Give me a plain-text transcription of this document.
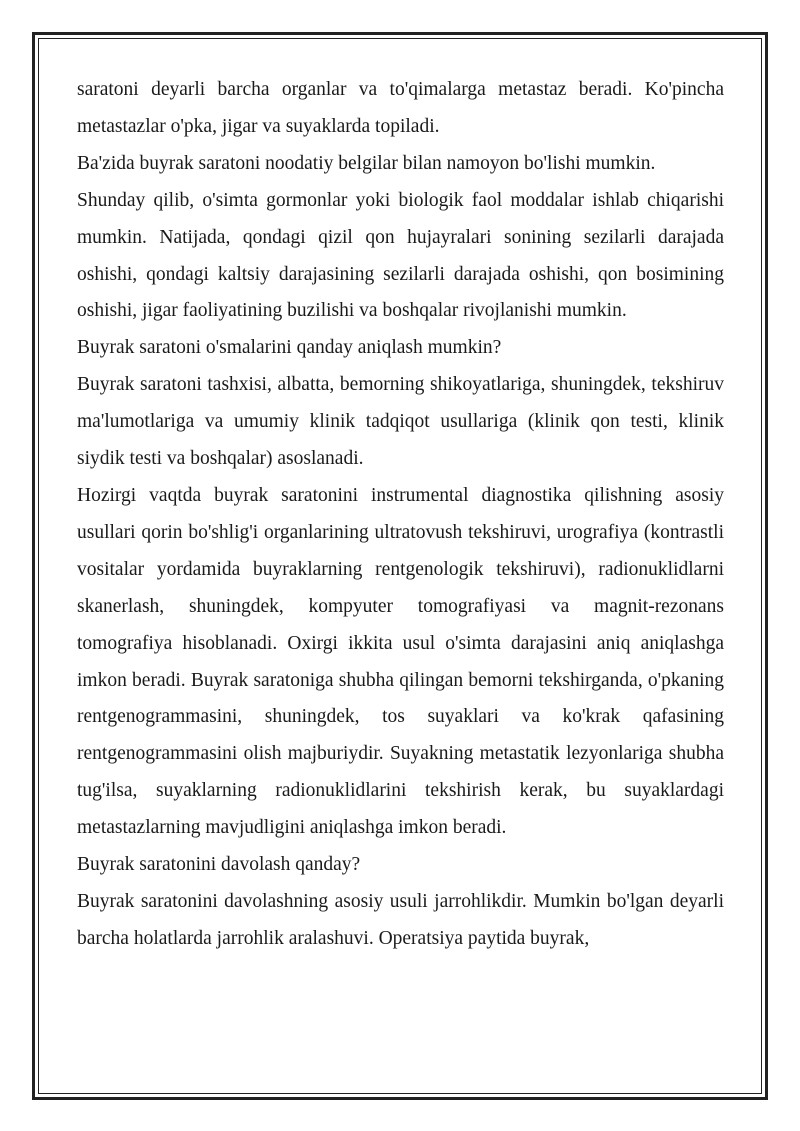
saratoni deyarli barcha organlar va to'qimalarga metastaz beradi. Ko'pincha metastazlar o'pka, jigar va suyaklarda topiladi.

Ba'zida buyrak saratoni noodatiy belgilar bilan namoyon bo'lishi mumkin.

Shunday qilib, o'simta gormonlar yoki biologik faol moddalar ishlab chiqarishi mumkin. Natijada, qondagi qizil qon hujayralari sonining sezilarli darajada oshishi, qondagi kaltsiy darajasining sezilarli darajada oshishi, qon bosimining oshishi, jigar faoliyatining buzilishi va boshqalar rivojlanishi mumkin.

Buyrak saratoni o'smalarini qanday aniqlash mumkin?

Buyrak saratoni tashxisi, albatta, bemorning shikoyatlariga, shuningdek, tekshiruv ma'lumotlariga va umumiy klinik tadqiqot usullariga (klinik qon testi, klinik siydik testi va boshqalar) asoslanadi.

Hozirgi vaqtda buyrak saratonini instrumental diagnostika qilishning asosiy usullari qorin bo'shlig'i organlarining ultratovush tekshiruvi, urografiya (kontrastli vositalar yordamida buyraklarning rentgenologik tekshiruvi), radionuklidlarni skanerlash, shuningdek, kompyuter tomografiyasi va magnit-rezonans tomografiya hisoblanadi. Oxirgi ikkita usul o'simta darajasini aniq aniqlashga imkon beradi. Buyrak saratoniga shubha qilingan bemorni tekshirganda, o'pkaning rentgenogrammasini, shuningdek, tos suyaklari va ko'krak qafasining rentgenogrammasini olish majburiydir. Suyakning metastatik lezyonlariga shubha tug'ilsa, suyaklarning radionuklidlarini tekshirish kerak, bu suyaklardagi metastazlarning mavjudligini aniqlashga imkon beradi.

Buyrak saratonini davolash qanday?

Buyrak saratonini davolashning asosiy usuli jarrohlikdir. Mumkin bo'lgan deyarli barcha holatlarda jarrohlik aralashuvi. Operatsiya paytida buyrak,
